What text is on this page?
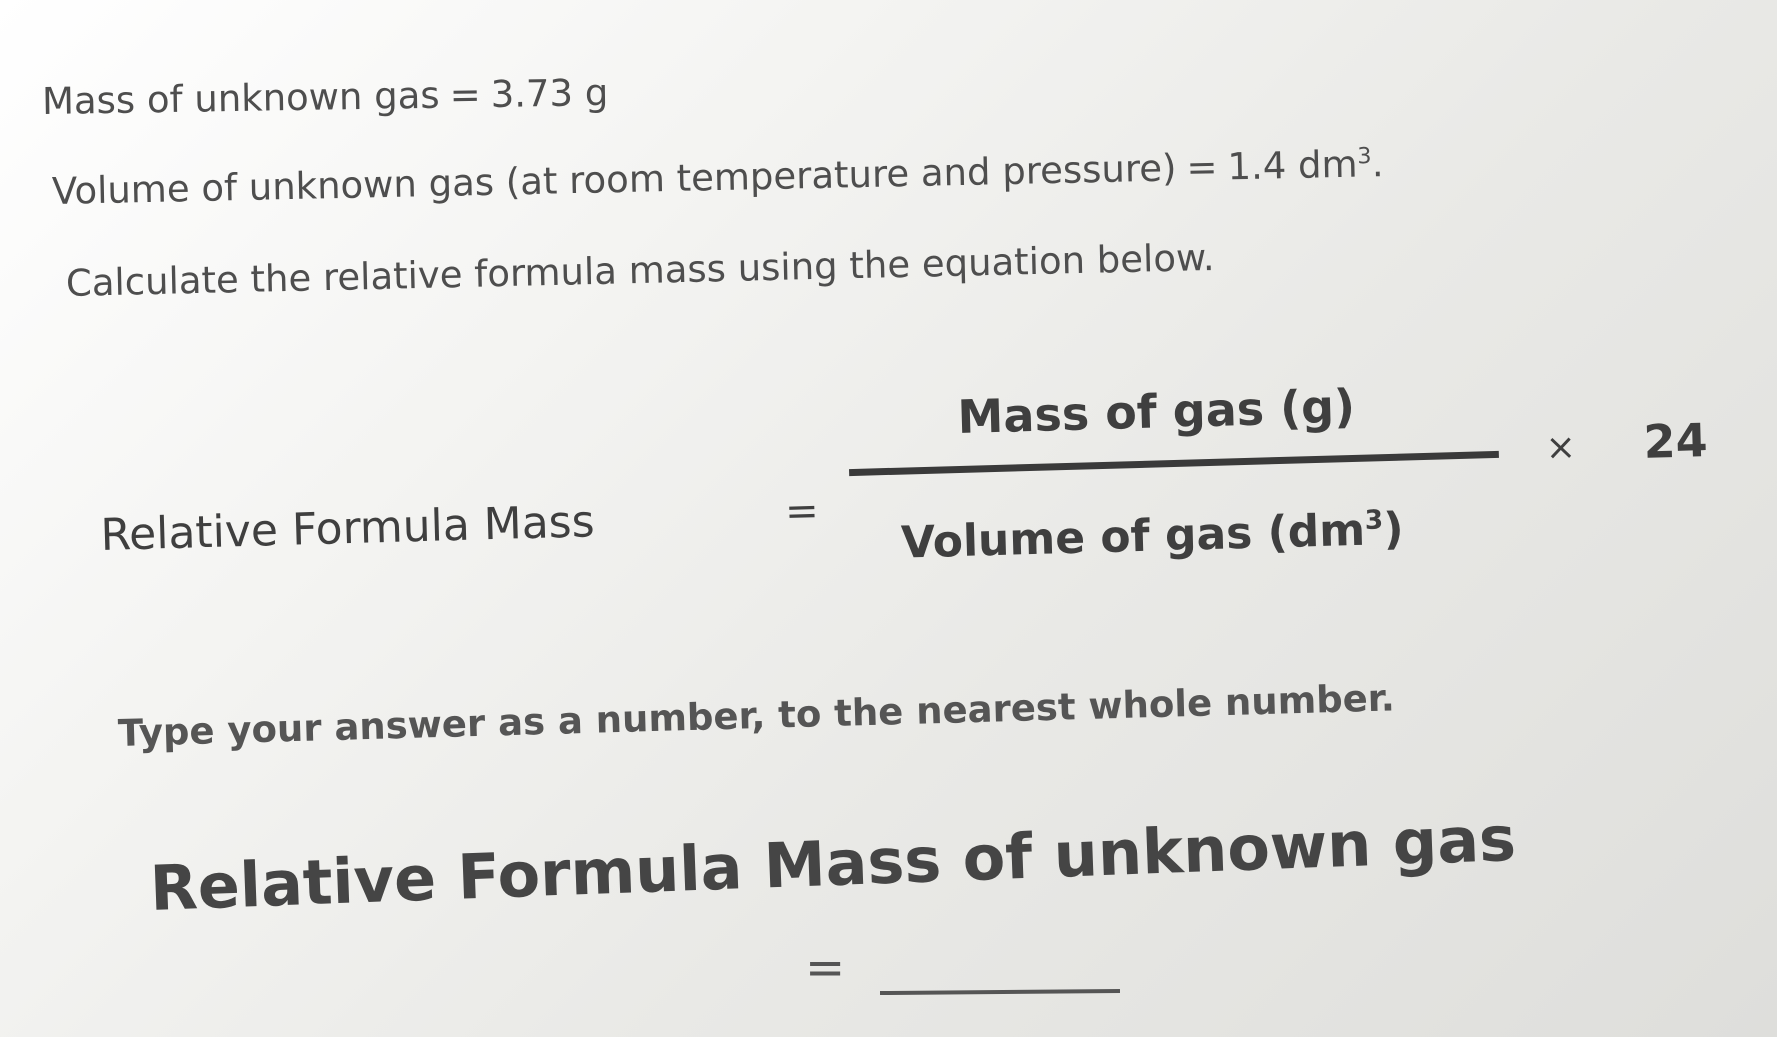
Mass of unknown gas = 3.73 g
Volume of unknown gas (at room temperature and pressure) = 1.4 $dm^3$.
Calculate the relative formula mass using the equation below.
Relative Formula Mass	=
Mass of gas (g)
Volume of gas $(dm^3)$
× 24
Type your answer as a number, to the nearest whole number.
Relative Formula Mass of unknown gas
=
